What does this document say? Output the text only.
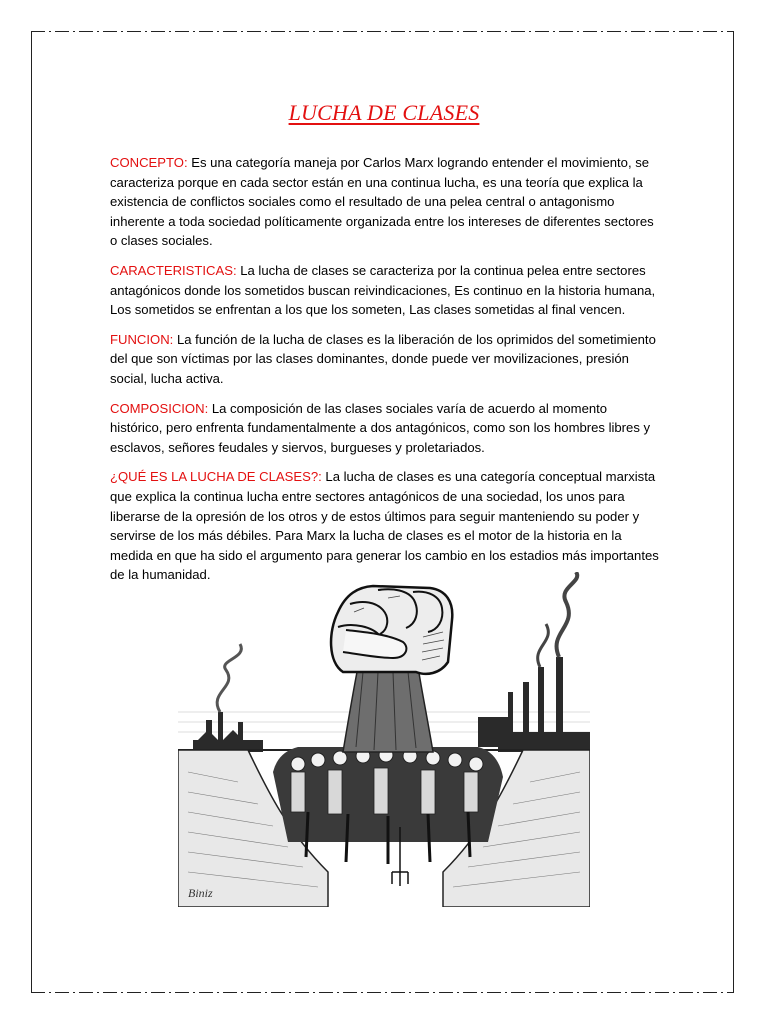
LUCHA DE CLASES

CONCEPTO: Es una categoría maneja por Carlos Marx logrando entender el movimiento, se caracteriza porque en cada sector están en una continua lucha, es una teoría que explica la existencia de conflictos sociales como el resultado de una pelea central o antagonismo inherente a toda sociedad políticamente organizada entre los intereses de diferentes sectores o clases sociales.

CARACTERISTICAS: La lucha de clases se caracteriza por la continua pelea entre sectores antagónicos donde los sometidos buscan reivindicaciones, Es continuo en la historia humana, Los sometidos se enfrentan a los que los someten, Las clases sometidas al final vencen.

FUNCION: La función de la lucha de clases es la liberación de los oprimidos del sometimiento del que son víctimas por las clases dominantes, donde puede ver movilizaciones, presión social, lucha activa.

COMPOSICION: La composición de las clases sociales varía de acuerdo al momento histórico, pero enfrenta fundamentalmente a dos antagónicos, como son los hombres libres y esclavos, señores feudales y siervos, burgueses y proletariados.

¿QUÉ ES LA LUCHA DE CLASES?: La lucha de clases es una categoría conceptual marxista que explica la continua lucha entre sectores antagónicos de una sociedad, los unos para liberarse de la opresión de los otros y de estos últimos para seguir manteniendo su poder y servirse de los más débiles. Para Marx la lucha de clases es el motor de la historia en la medida en que ha sido el argumento para generar los cambio en los estadios más importantes de la humanidad.

Biniz
